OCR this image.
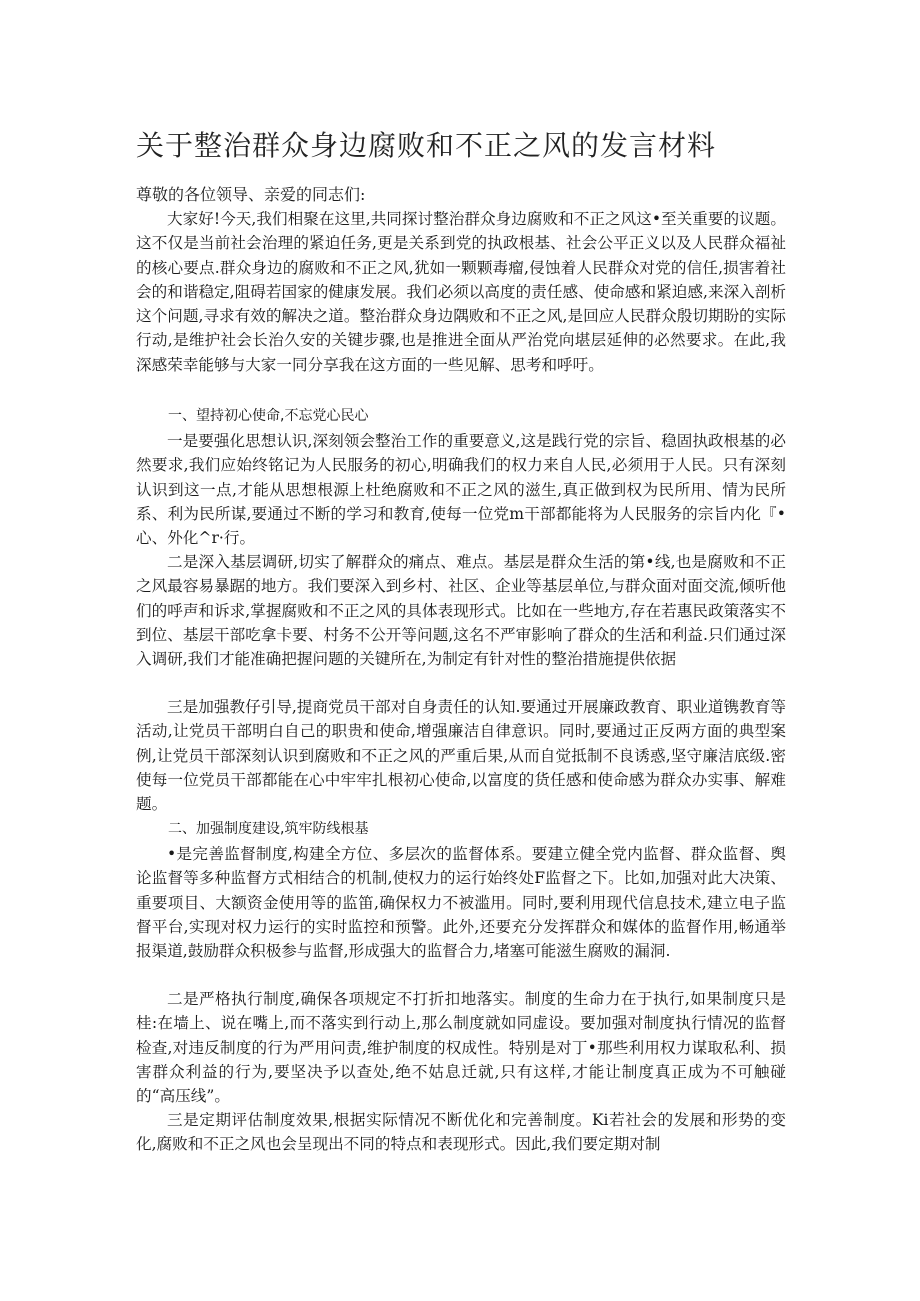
关于整治群众身边腐败和不正之风的发言材料
尊敬的各位领导、亲爱的同志们:

大家好!今天,我们相聚在这里,共同探讨整治群众身边腐败和不正之风这•至关重要的议题。这不仅是当前社会治理的紧迫任务,更是关系到党的执政根基、社会公平正义以及人民群众福祉的核心要点.群众身边的腐败和不正之风,犹如一颗颗毒瘤,侵蚀着人民群众对党的信任,损害着社会的和谐稳定,阻碍若国家的健康发展。我们必须以高度的责任感、使命感和紧迫感,来深入剖析这个问题,寻求有效的解决之道。整治群众身边隅败和不正之风,是回应人民群众殷切期盼的实际行动,是维护社会长治久安的关键步骤,也是推进全面从严治党向堪层延伸的必然要求。在此,我深感荣幸能够与大家一同分享我在这方面的一些见解、思考和呼吁。

一、望持初心使命,不忘党心民心

一是要强化思想认识,深刻领会整治工作的重要意义,这是践行党的宗旨、稳固执政根基的必然要求,我们应始终铭记为人民服务的初心,明确我们的权力来自人民,必须用于人民。只有深刻认识到这一点,才能从思想根源上杜绝腐败和不正之风的滋生,真正做到权为民所用、情为民所系、利为民所谋,要通过不断的学习和教育,使每一位党m干部都能将为人民服务的宗旨内化『•心、外化^r·行。

二是深入基层调研,切实了解群众的痛点、难点。基层是群众生活的第•线,也是腐败和不正之风最容易暴踞的地方。我们要深入到乡村、社区、企业等基层单位,与群众面对面交流,倾听他们的呼声和诉求,掌握腐败和不正之风的具体表现形式。比如在一些地方,存在若惠民政策落实不到位、基层干部吃拿卡要、村务不公开等问题,这名不严审影响了群众的生活和利益.只们通过深入调研,我们才能准确把握问题的关键所在,为制定有针对性的整治措施提供依据

三是加强教仔引导,提商党员干部对自身责任的认知.要通过开展廉政教育、职业道镌教育等活动,让党员干部明白自己的职贵和使命,增强廉洁自律意识。同时,要通过正反两方面的典型案例,让党员干部深刻认识到腐败和不正之风的严重后果,从而自觉抵制不良诱惑,坚守廉洁底级.密使每一位党员干部都能在心中牢牢扎根初心使命,以富度的货任感和使命感为群众办实事、解难题。

二、加强制度建设,筑牢防线根基

•是完善监督制度,构建全方位、多层次的监督体系。要建立健全党内监督、群众监督、舆论监督等多种监督方式相结合的机制,使权力的运行始终处F监督之下。比如,加强对此大决策、重要项目、大额资金使用等的监笛,确保权力不被滥用。同时,要利用现代信息技术,建立电子监督平台,实现对权力运行的实时监控和预警。此外,还要充分发挥群众和媒体的监督作用,畅通举报渠道,鼓励群众积极参与监督,形成强大的监督合力,堵塞可能滋生腐败的漏洞.

二是严格执行制度,确保各项规定不打折扣地落实。制度的生命力在于执行,如果制度只是桂:在墙上、说在嘴上,而不落实到行动上,那么制度就如同虚设。要加强对制度执行情况的监督检查,对违反制度的行为严用问责,维护制度的权成性。特别是对丁•那些利用权力谋取私利、损害群众利益的行为,要坚决予以查处,绝不姑息迁就,只有这样,才能让制度真正成为不可触碰的“高压线”。

三是定期评估制度效果,根据实际情况不断优化和完善制度。Ki若社会的发展和形势的变化,腐败和不正之风也会呈现出不同的特点和表现形式。因此,我们要定期对制
